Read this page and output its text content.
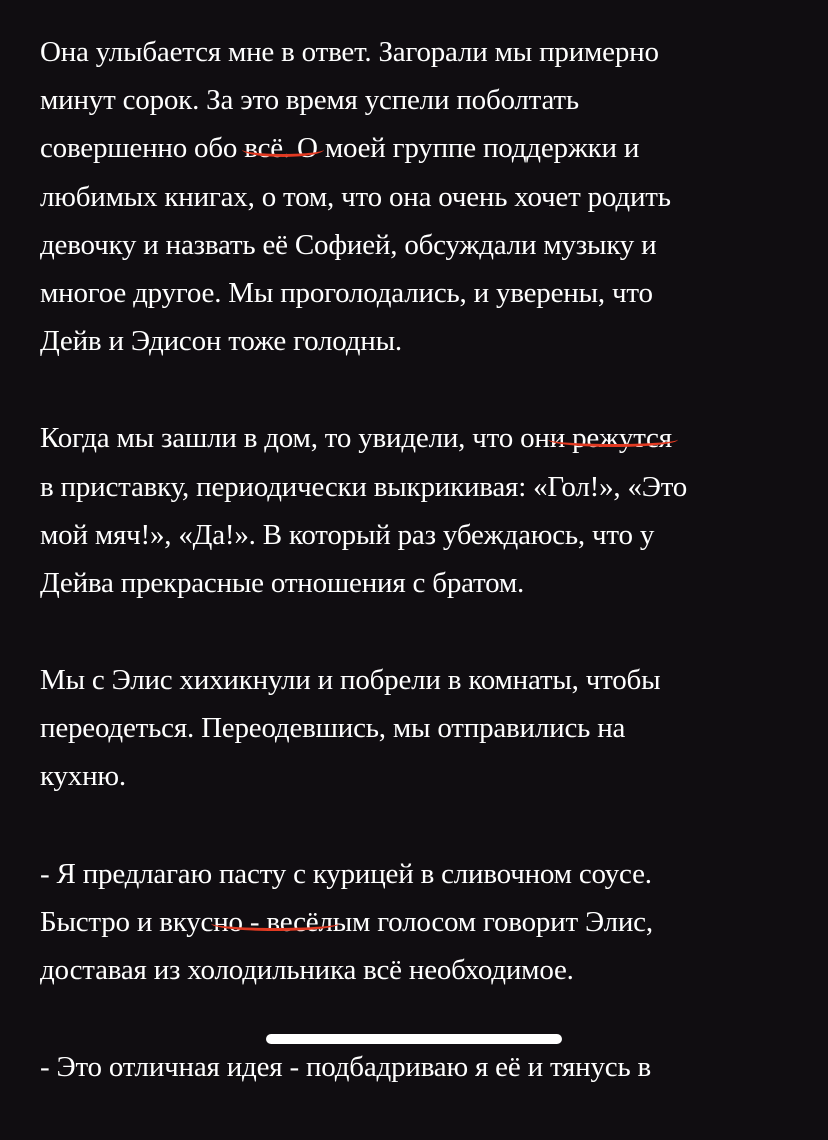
Она улыбается мне в ответ. Загорали мы примерно
минут сорок. За это время успели поболтать
совершенно обо всё. О моей группе поддержки и
любимых книгах, о том, что она очень хочет родить
девочку и назвать её Софией, обсуждали музыку и
многое другое. Мы проголодались, и уверены, что
Дейв и Эдисон тоже голодны.
Когда мы зашли в дом, то увидели, что они режутся
в приставку, периодически выкрикивая: «Гол!», «Это
мой мяч!», «Да!». В который раз убеждаюсь, что у
Дейва прекрасные отношения с братом.
Мы с Элис хихикнули и побрели в комнаты, чтобы
переодеться. Переодевшись, мы отправились на
кухню.
- Я предлагаю пасту с курицей в сливочном соусе.
Быстро и вкусно - весёлым голосом говорит Элис,
доставая из холодильника всё необходимое.
- Это отличная идея - подбадриваю я её и тянусь в
